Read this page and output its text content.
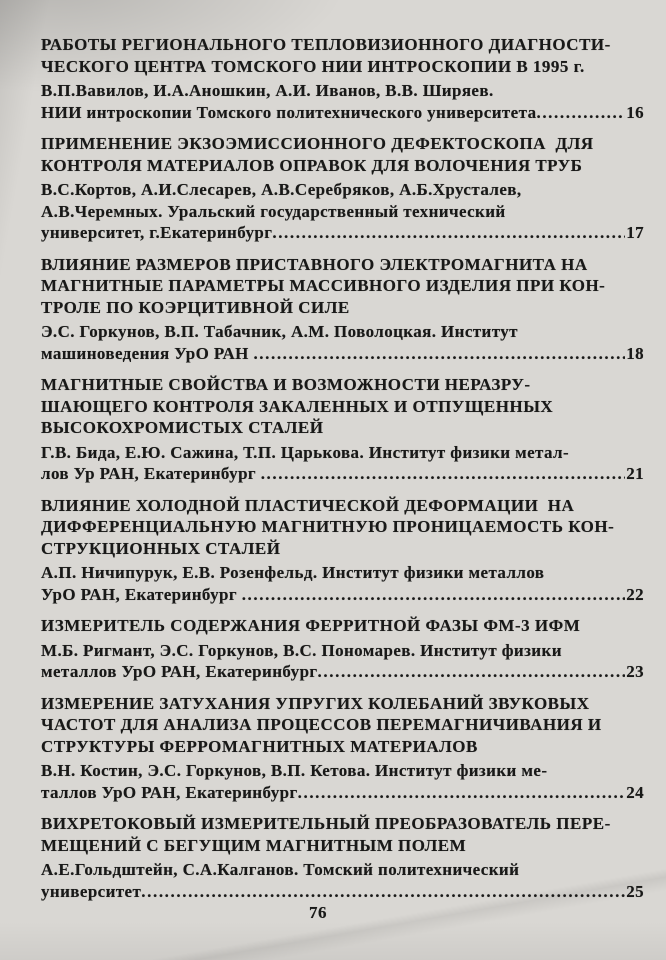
РАБОТЫ РЕГИОНАЛЬНОГО ТЕПЛОВИЗИОННОГО ДИАГНОСТИ-
ЧЕСКОГО ЦЕНТРА ТОМСКОГО НИИ ИНТРОСКОПИИ В 1995 г.
В.П.Вавилов, И.А.Аношкин, А.И. Иванов, В.В. Ширяев.
НИИ интроскопии Томского политехнического университета .....	16
ПРИМЕНЕНИЕ ЭКЗОЭМИССИОННОГО ДЕФЕКТОСКОПА  ДЛЯ
КОНТРОЛЯ МАТЕРИАЛОВ ОПРАВОК ДЛЯ ВОЛОЧЕНИЯ ТРУБ
В.С.Кортов, А.И.Слесарев, А.В.Серебряков, А.Б.Хрусталев,
А.В.Черемных. Уральский государственный технический
университет, г.Екатеринбург .....	17
ВЛИЯНИЕ РАЗМЕРОВ ПРИСТАВНОГО ЭЛЕКТРОМАГНИТА НА
МАГНИТНЫЕ ПАРАМЕТРЫ МАССИВНОГО ИЗДЕЛИЯ ПРИ КОН-
ТРОЛЕ ПО КОЭРЦИТИВНОЙ СИЛЕ
Э.С. Горкунов, В.П. Табачник, А.М. Поволоцкая. Институт
машиноведения УрО РАН .....	18
МАГНИТНЫЕ СВОЙСТВА И ВОЗМОЖНОСТИ НЕРАЗРУ-
ШАЮЩЕГО КОНТРОЛЯ ЗАКАЛЕННЫХ И ОТПУЩЕННЫХ
ВЫСОКОХРОМИСТЫХ СТАЛЕЙ
Г.В. Бида, Е.Ю. Сажина, Т.П. Царькова. Институт физики метал-
лов Ур РАН, Екатеринбург .....	21
ВЛИЯНИЕ ХОЛОДНОЙ ПЛАСТИЧЕСКОЙ ДЕФОРМАЦИИ  НА
ДИФФЕРЕНЦИАЛЬНУЮ МАГНИТНУЮ ПРОНИЦАЕМОСТЬ КОН-
СТРУКЦИОННЫХ СТАЛЕЙ
А.П. Ничипурук, Е.В. Розенфельд. Институт физики металлов
УрО РАН, Екатеринбург .....	22
ИЗМЕРИТЕЛЬ СОДЕРЖАНИЯ ФЕРРИТНОЙ ФАЗЫ ФМ-3 ИФМ
М.Б. Ригмант, Э.С. Горкунов, В.С. Пономарев. Институт физики
металлов УрО РАН, Екатеринбург .....	23
ИЗМЕРЕНИЕ ЗАТУХАНИЯ УПРУГИХ КОЛЕБАНИЙ ЗВУКОВЫХ
ЧАСТОТ ДЛЯ АНАЛИЗА ПРОЦЕССОВ ПЕРЕМАГНИЧИВАНИЯ И
СТРУКТУРЫ ФЕРРОМАГНИТНЫХ МАТЕРИАЛОВ
В.Н. Костин, Э.С. Горкунов, В.П. Кетова. Институт физики ме-
таллов УрО РАН, Екатеринбург .....	24
ВИХРЕТОКОВЫЙ ИЗМЕРИТЕЛЬНЫЙ ПРЕОБРАЗОВАТЕЛЬ ПЕРЕ-
МЕЩЕНИЙ С БЕГУЩИМ МАГНИТНЫМ ПОЛЕМ
А.Е.Гольдштейн, С.А.Калганов. Томский политехнический
университет .....	25
76
